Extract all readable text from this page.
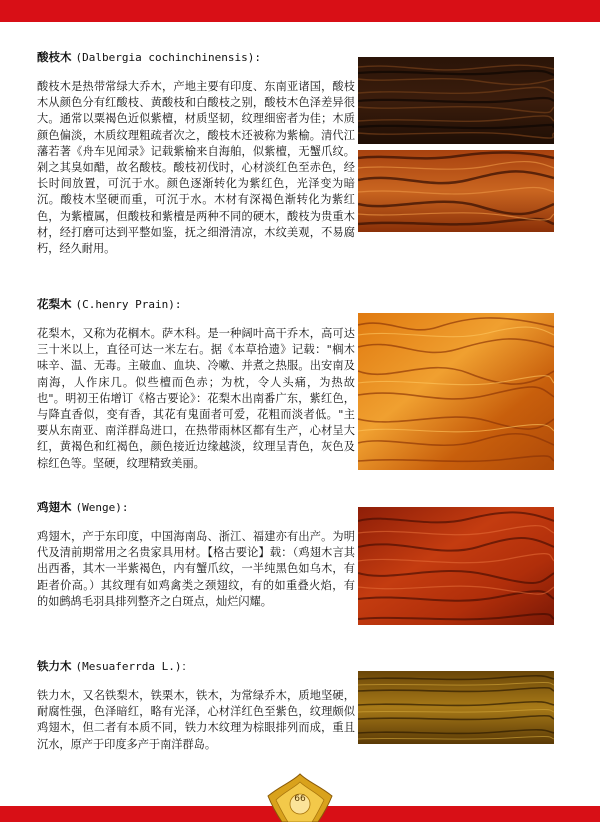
酸枝木 (Dalbergia cochinchinensis):

酸枝木是热带常绿大乔木，产地主要有印度、东南亚诸国，酸枝木从颜色分有红酸枝、黄酸枝和白酸枝之别，酸枝木色泽差异很大。通常以粟褐色近似紫檀，材质坚韧，纹理细密者为佳；木质颜色偏淡，木质纹理粗疏者次之，酸枝木还被称为紫榆。清代江藩若著《舟车见闻录》记载紫榆来自海舶，似紫檀，无蟹爪纹。剁之其臭如醋，故名酸枝。酸枝初伐时，心材淡红色至赤色，经长时间放置，可沉于水。颜色逐渐转化为紫红色，光泽变为暗沉。酸枝木坚硬而重，可沉于水。木材有深褐色渐转化为紫红色，为紫檀属，但酸枝和紫檀是两种不同的硬木，酸枝为贵重木材，经打磨可达到平整如鉴，抚之细滑清凉，木纹美观，不易腐朽，经久耐用。

花梨木 (C.henry Prain):

花梨木，又称为花榈木。萨木科。是一种阔叶高干乔木，高可达三十米以上，直径可达一米左右。据《本草拾遗》记载："榈木味辛、温、无毒。主破血、血块、冷嗽、并煮之热服。出安南及南海，人作床几。似些檀而色赤；为枕，令人头痛，为热故也"。明初王佑增订《格古要论》：花梨木出南番广东，紫红色，与降直香似，变有香，其花有鬼面者可爱，花粗而淡者低。"主要从东南亚、南洋群岛进口，在热带雨林区都有生产，心材呈大红，黄褐色和红褐色，颜色接近边缘越淡，纹理呈青色，灰色及棕红色等。坚硬，纹理精致美丽。

鸡翅木 (Wenge):

鸡翅木，产于东印度，中国海南岛、浙江、福建亦有出产。为明代及清前期常用之名贵家具用材。【格古要论】载：（鸡翅木言其出西番，其木一半紫褐色，内有蟹爪纹，一半纯黑色如乌木，有距者价高。）其纹理有如鸡禽类之颈翅纹，有的如重叠火焰，有的如鹧鸪毛羽具排列整齐之白斑点，灿烂闪耀。

铁力木 (Mesuaferrda L.)：

铁力木，又名铁梨木，铁栗木，铁木，为常绿乔木，质地坚硬，耐腐性强，色泽暗红，略有光泽，心材洋红色至紫色，纹理颇似鸡翅木，但二者有本质不同，铁力木纹理为棕眼排列而成，重且沉水，原产于印度多产于南洋群岛。

66
